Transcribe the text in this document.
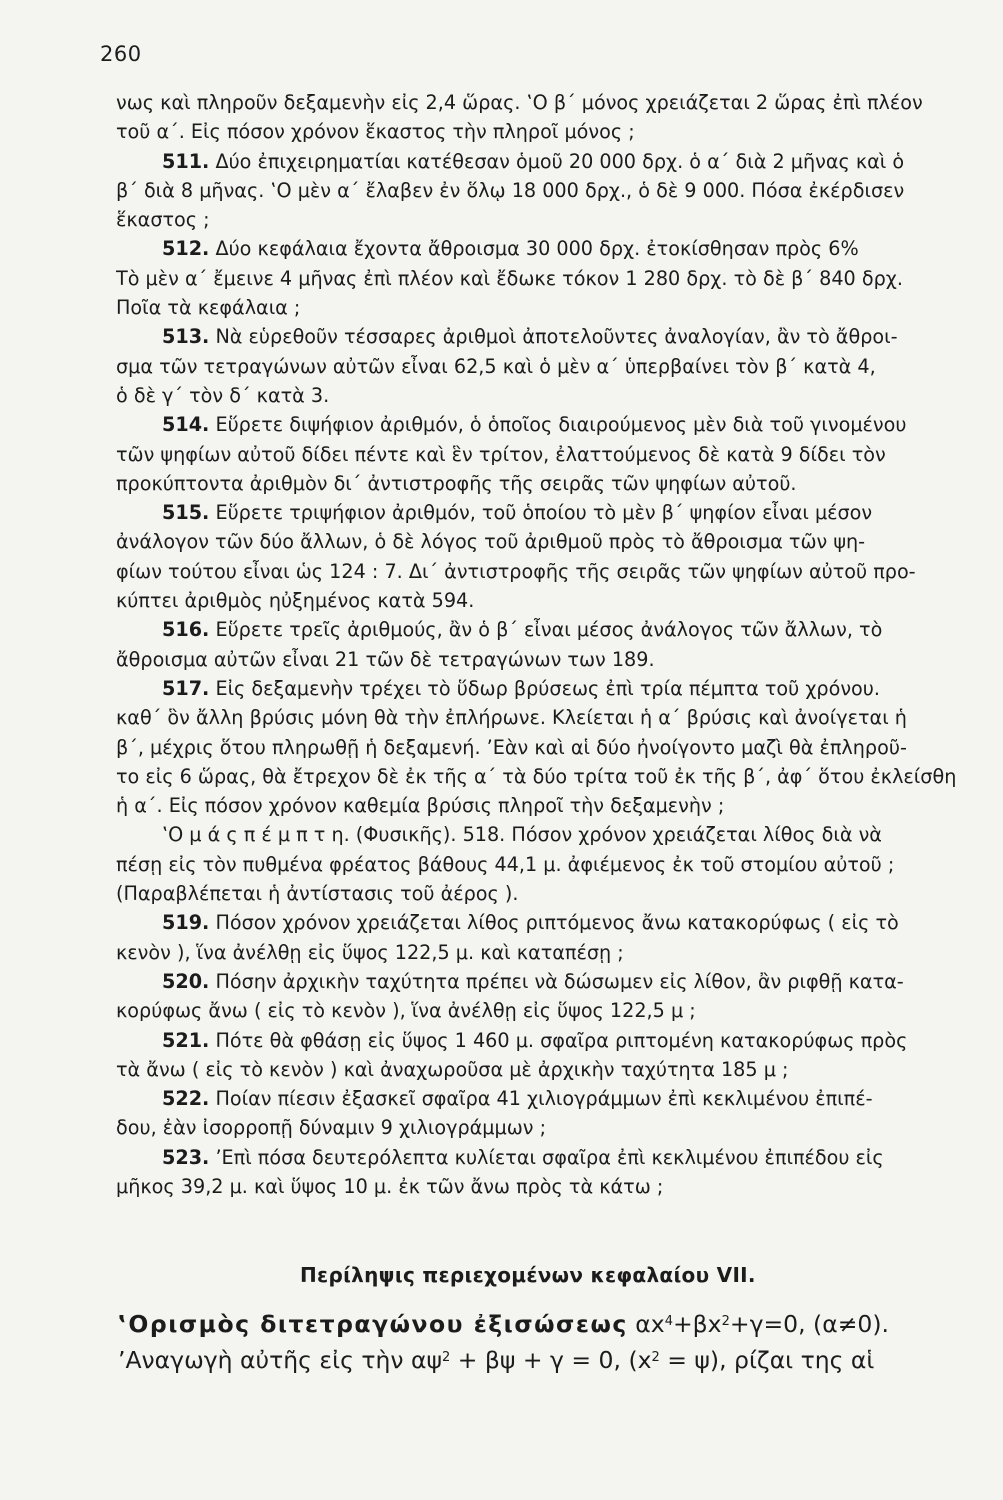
260
νως καὶ πληροῦν δεξαμενὴν εἰς 2,4 ὥρας. ‛Ο β΄ μόνος χρειάζεται 2 ὥρας ἐπὶ πλέον
τοῦ α΄. Εἰς πόσον χρόνον ἕκαστος τὴν πληροῖ μόνος ;
511. Δύο ἐπιχειρηματίαι κατέθεσαν ὁμοῦ 20 000 δρχ. ὁ α΄ διὰ 2 μῆνας καὶ ὁ
β΄ διὰ 8 μῆνας. ‛Ο μὲν α΄ ἔλαβεν ἐν ὅλῳ 18 000 δρχ., ὁ δὲ 9 000. Πόσα ἐκέρδισεν
ἕκαστος ;
512. Δύο κεφάλαια ἔχοντα ἄθροισμα 30 000 δρχ. ἐτοκίσθησαν πρὸς 6%
Τὸ μὲν α΄ ἔμεινε 4 μῆνας ἐπὶ πλέον καὶ ἔδωκε τόκον 1 280 δρχ. τὸ δὲ β΄ 840 δρχ.
Ποῖα τὰ κεφάλαια ;
513. Νὰ εὑρεθοῦν τέσσαρες ἀριθμοὶ ἀποτελοῦντες ἀναλογίαν, ἂν τὸ ἄθροι-
σμα τῶν τετραγώνων αὐτῶν εἶναι 62,5 καὶ ὁ μὲν α΄ ὑπερβαίνει τὸν β΄ κατὰ 4,
ὁ δὲ γ΄ τὸν δ΄ κατὰ 3.
514. Εὕρετε διψήφιον ἀριθμόν, ὁ ὁποῖος διαιρούμενος μὲν διὰ τοῦ γινομένου
τῶν ψηφίων αὐτοῦ δίδει πέντε καὶ ἓν τρίτον, ἐλαττούμενος δὲ κατὰ 9 δίδει τὸν
προκύπτοντα ἀριθμὸν δι΄ ἀντιστροφῆς τῆς σειρᾶς τῶν ψηφίων αὐτοῦ.
515. Εὕρετε τριψήφιον ἀριθμόν, τοῦ ὁποίου τὸ μὲν β΄ ψηφίον εἶναι μέσον
ἀνάλογον τῶν δύο ἄλλων, ὁ δὲ λόγος τοῦ ἀριθμοῦ πρὸς τὸ ἄθροισμα τῶν ψη-
φίων τούτου εἶναι ὡς 124 : 7. Δι΄ ἀντιστροφῆς τῆς σειρᾶς τῶν ψηφίων αὐτοῦ προ-
κύπτει ἀριθμὸς ηὐξημένος κατὰ 594.
516. Εὕρετε τρεῖς ἀριθμούς, ἂν ὁ β΄ εἶναι μέσος ἀνάλογος τῶν ἄλλων, τὸ
ἄθροισμα αὐτῶν εἶναι 21 τῶν δὲ τετραγώνων των 189.
517. Εἰς δεξαμενὴν τρέχει τὸ ὕδωρ βρύσεως ἐπὶ τρία πέμπτα τοῦ χρόνου.
καθ΄ ὃν ἄλλη βρύσις μόνη θὰ τὴν ἐπλήρωνε. Κλείεται ἡ α΄ βρύσις καὶ ἀνοίγεται ἡ
β΄, μέχρις ὅτου πληρωθῇ ἡ δεξαμενή. ’Εὰν καὶ αἱ δύο ἠνοίγοντο μαζὶ θὰ ἐπληροῦ-
το εἰς 6 ὥρας, θὰ ἔτρεχον δὲ ἐκ τῆς α΄ τὰ δύο τρίτα τοῦ ἐκ τῆς β΄, ἀφ΄ ὅτου ἐκλείσθη
ἡ α΄. Εἰς πόσον χρόνον καθεμία βρύσις πληροῖ τὴν δεξαμενὴν ;
‛Ο μ ά ς π έ μ π τ η. (Φυσικῆς). 518. Πόσον χρόνον χρειάζεται λίθος διὰ νὰ
πέσῃ εἰς τὸν πυθμένα φρέατος βάθους 44,1 μ. ἀφιέμενος ἐκ τοῦ στομίου αὐτοῦ ;
(Παραβλέπεται ἡ ἀντίστασις τοῦ ἀέρος ).
519. Πόσον χρόνον χρειάζεται λίθος ριπτόμενος ἄνω κατακορύφως ( εἰς τὸ
κενὸν ), ἵνα ἀνέλθῃ εἰς ὕψος 122,5 μ. καὶ καταπέσῃ ;
520. Πόσην ἀρχικὴν ταχύτητα πρέπει νὰ δώσωμεν εἰς λίθον, ἂν ριφθῇ κατα-
κορύφως ἄνω ( εἰς τὸ κενὸν ), ἵνα ἀνέλθῃ εἰς ὕψος 122,5 μ ;
521. Πότε θὰ φθάσῃ εἰς ὕψος 1 460 μ. σφαῖρα ριπτομένη κατακορύφως πρὸς
τὰ ἄνω ( εἰς τὸ κενὸν ) καὶ ἀναχωροῦσα μὲ ἀρχικὴν ταχύτητα 185 μ ;
522. Ποίαν πίεσιν ἐξασκεῖ σφαῖρα 41 χιλιογράμμων ἐπὶ κεκλιμένου ἐπιπέ-
δου, ἐὰν ἰσορροπῇ δύναμιν 9 χιλιογράμμων ;
523. ’Επὶ πόσα δευτερόλεπτα κυλίεται σφαῖρα ἐπὶ κεκλιμένου ἐπιπέδου εἰς
μῆκος 39,2 μ. καὶ ὕψος 10 μ. ἐκ τῶν ἄνω πρὸς τὰ κάτω ;
Περίληψις περιεχομένων κεφαλαίου VII.
‛Ορισμὸς διτετραγώνου ἐξισώσεως $\alpha x^4+\beta x^2+\gamma=0$, (α≠0).
’Αναγωγὴ αὐτῆς εἰς τὴν $\alpha\psi^2 + \beta\psi + \gamma = 0$, $(x^2 = \psi)$, ρίζαι της αἱ
